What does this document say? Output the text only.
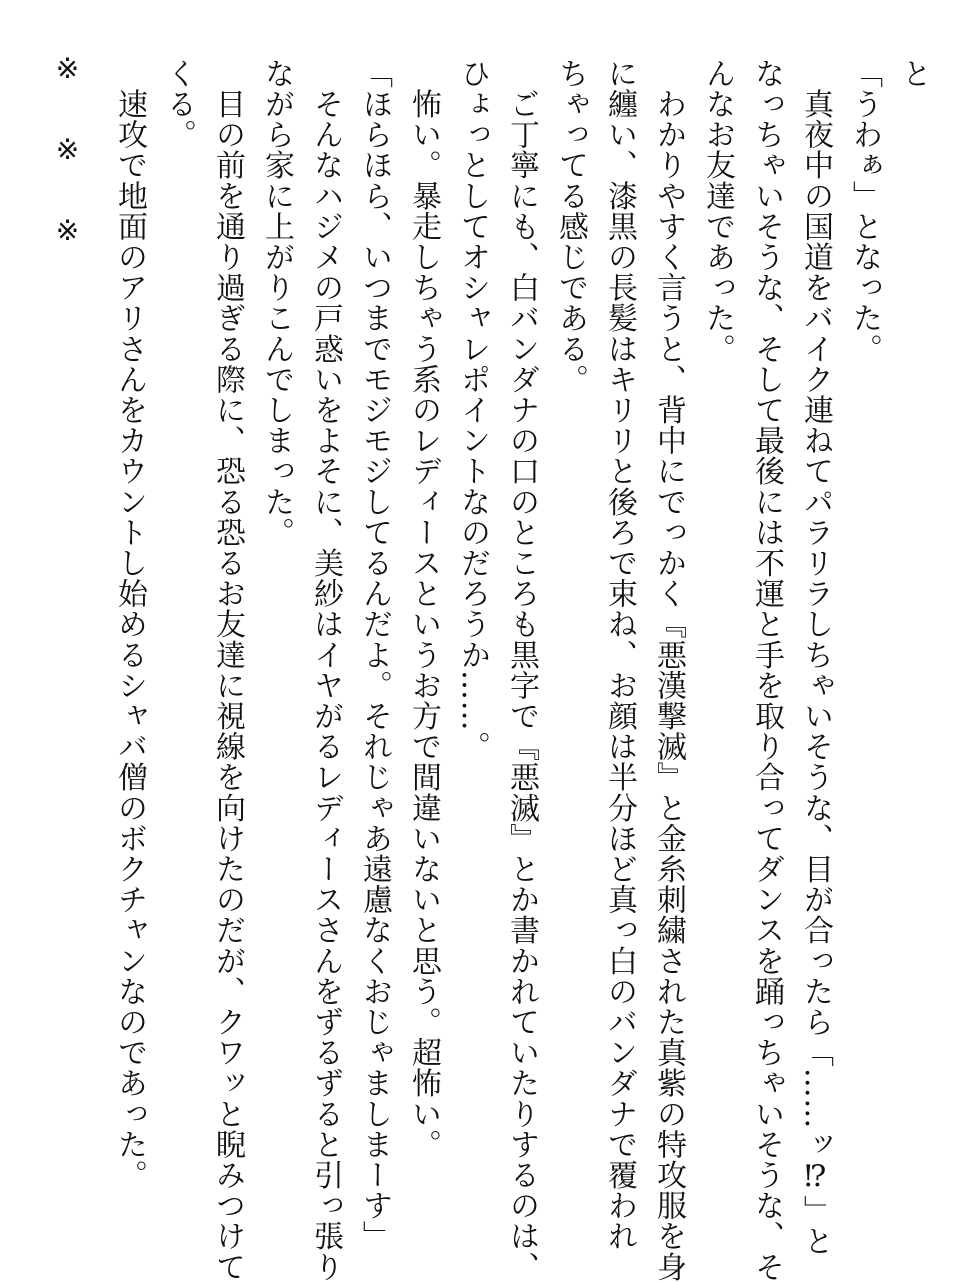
と
「うわぁ」となった。
　真夜中の国道をバイク連ねてパラリラしちゃいそうな、目が合ったら「……ッ⁉」と
なっちゃいそうな、そして最後には不運と手を取り合ってダンスを踊っちゃいそうな、そ
んなお友達であった。
　わかりやすく言うと、背中にでっかく『悪漢撃滅』と金糸刺繍された真紫の特攻服を身
に纏い、漆黒の長髪はキリリと後ろで束ね、お顔は半分ほど真っ白のバンダナで覆われ
ちゃってる感じである。
　ご丁寧にも、白バンダナの口のところも黒字で『悪滅』とか書かれていたりするのは、
ひょっとしてオシャレポイントなのだろうか……。
　怖い。暴走しちゃう系のレディースというお方で間違いないと思う。超怖い。
「ほらほら、いつまでモジモジしてるんだよ。それじゃあ遠慮なくおじゃましまーす」
　そんなハジメの戸惑いをよそに、美紗はイヤがるレディースさんをずるずると引っ張り
ながら家に上がりこんでしまった。
　目の前を通り過ぎる際に、恐る恐るお友達に視線を向けたのだが、クワッと睨みつけて
くる。
　速攻で地面のアリさんをカウントし始めるシャバ僧のボクチャンなのであった。
※※※
